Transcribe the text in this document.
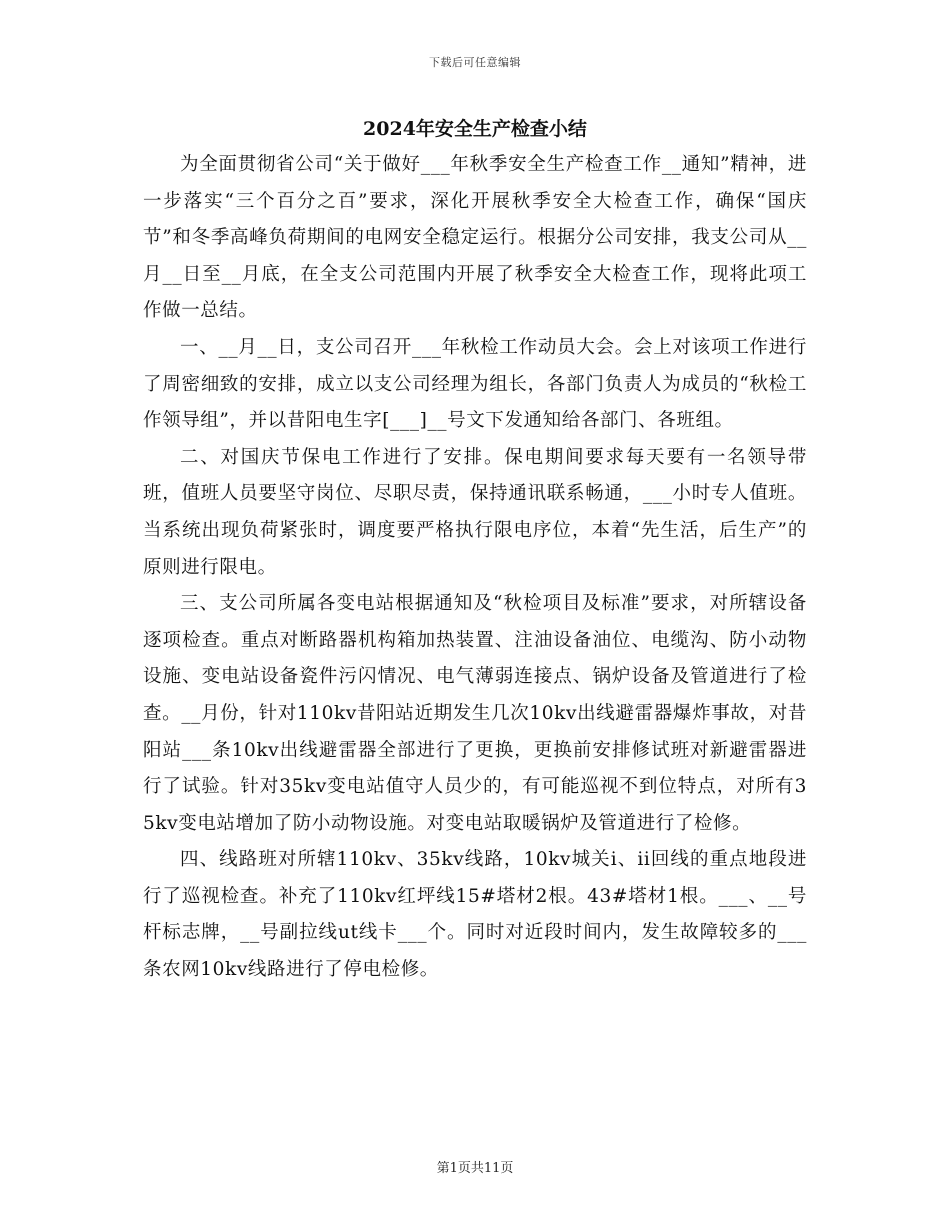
下载后可任意编辑
2024年安全生产检查小结

为全面贯彻省公司“关于做好___年秋季安全生产检查工作__通知”精神，进一步落实“三个百分之百”要求，深化开展秋季安全大检查工作，确保“国庆节”和冬季高峰负荷期间的电网安全稳定运行。根据分公司安排，我支公司从__月__日至__月底，在全支公司范围内开展了秋季安全大检查工作，现将此项工作做一总结。

一、__月__日，支公司召开___年秋检工作动员大会。会上对该项工作进行了周密细致的安排，成立以支公司经理为组长，各部门负责人为成员的“秋检工作领导组”，并以昔阳电生字[___]__号文下发通知给各部门、各班组。

二、对国庆节保电工作进行了安排。保电期间要求每天要有一名领导带班，值班人员要坚守岗位、尽职尽责，保持通讯联系畅通，___小时专人值班。当系统出现负荷紧张时，调度要严格执行限电序位，本着“先生活，后生产”的原则进行限电。

三、支公司所属各变电站根据通知及“秋检项目及标准”要求，对所辖设备逐项检查。重点对断路器机构箱加热装置、注油设备油位、电缆沟、防小动物设施、变电站设备瓷件污闪情况、电气薄弱连接点、锅炉设备及管道进行了检查。__月份，针对110kv昔阳站近期发生几次10kv出线避雷器爆炸事故，对昔阳站___条10kv出线避雷器全部进行了更换，更换前安排修试班对新避雷器进行了试验。针对35kv变电站值守人员少的，有可能巡视不到位特点，对所有35kv变电站增加了防小动物设施。对变电站取暖锅炉及管道进行了检修。

四、线路班对所辖110kv、35kv线路，10kv城关i、ii回线的重点地段进行了巡视检查。补充了110kv红坪线15#塔材2根。43#塔材1根。___、__号杆标志牌，__号副拉线ut线卡___个。同时对近段时间内，发生故障较多的___条农网10kv线路进行了停电检修。

第1页共11页
